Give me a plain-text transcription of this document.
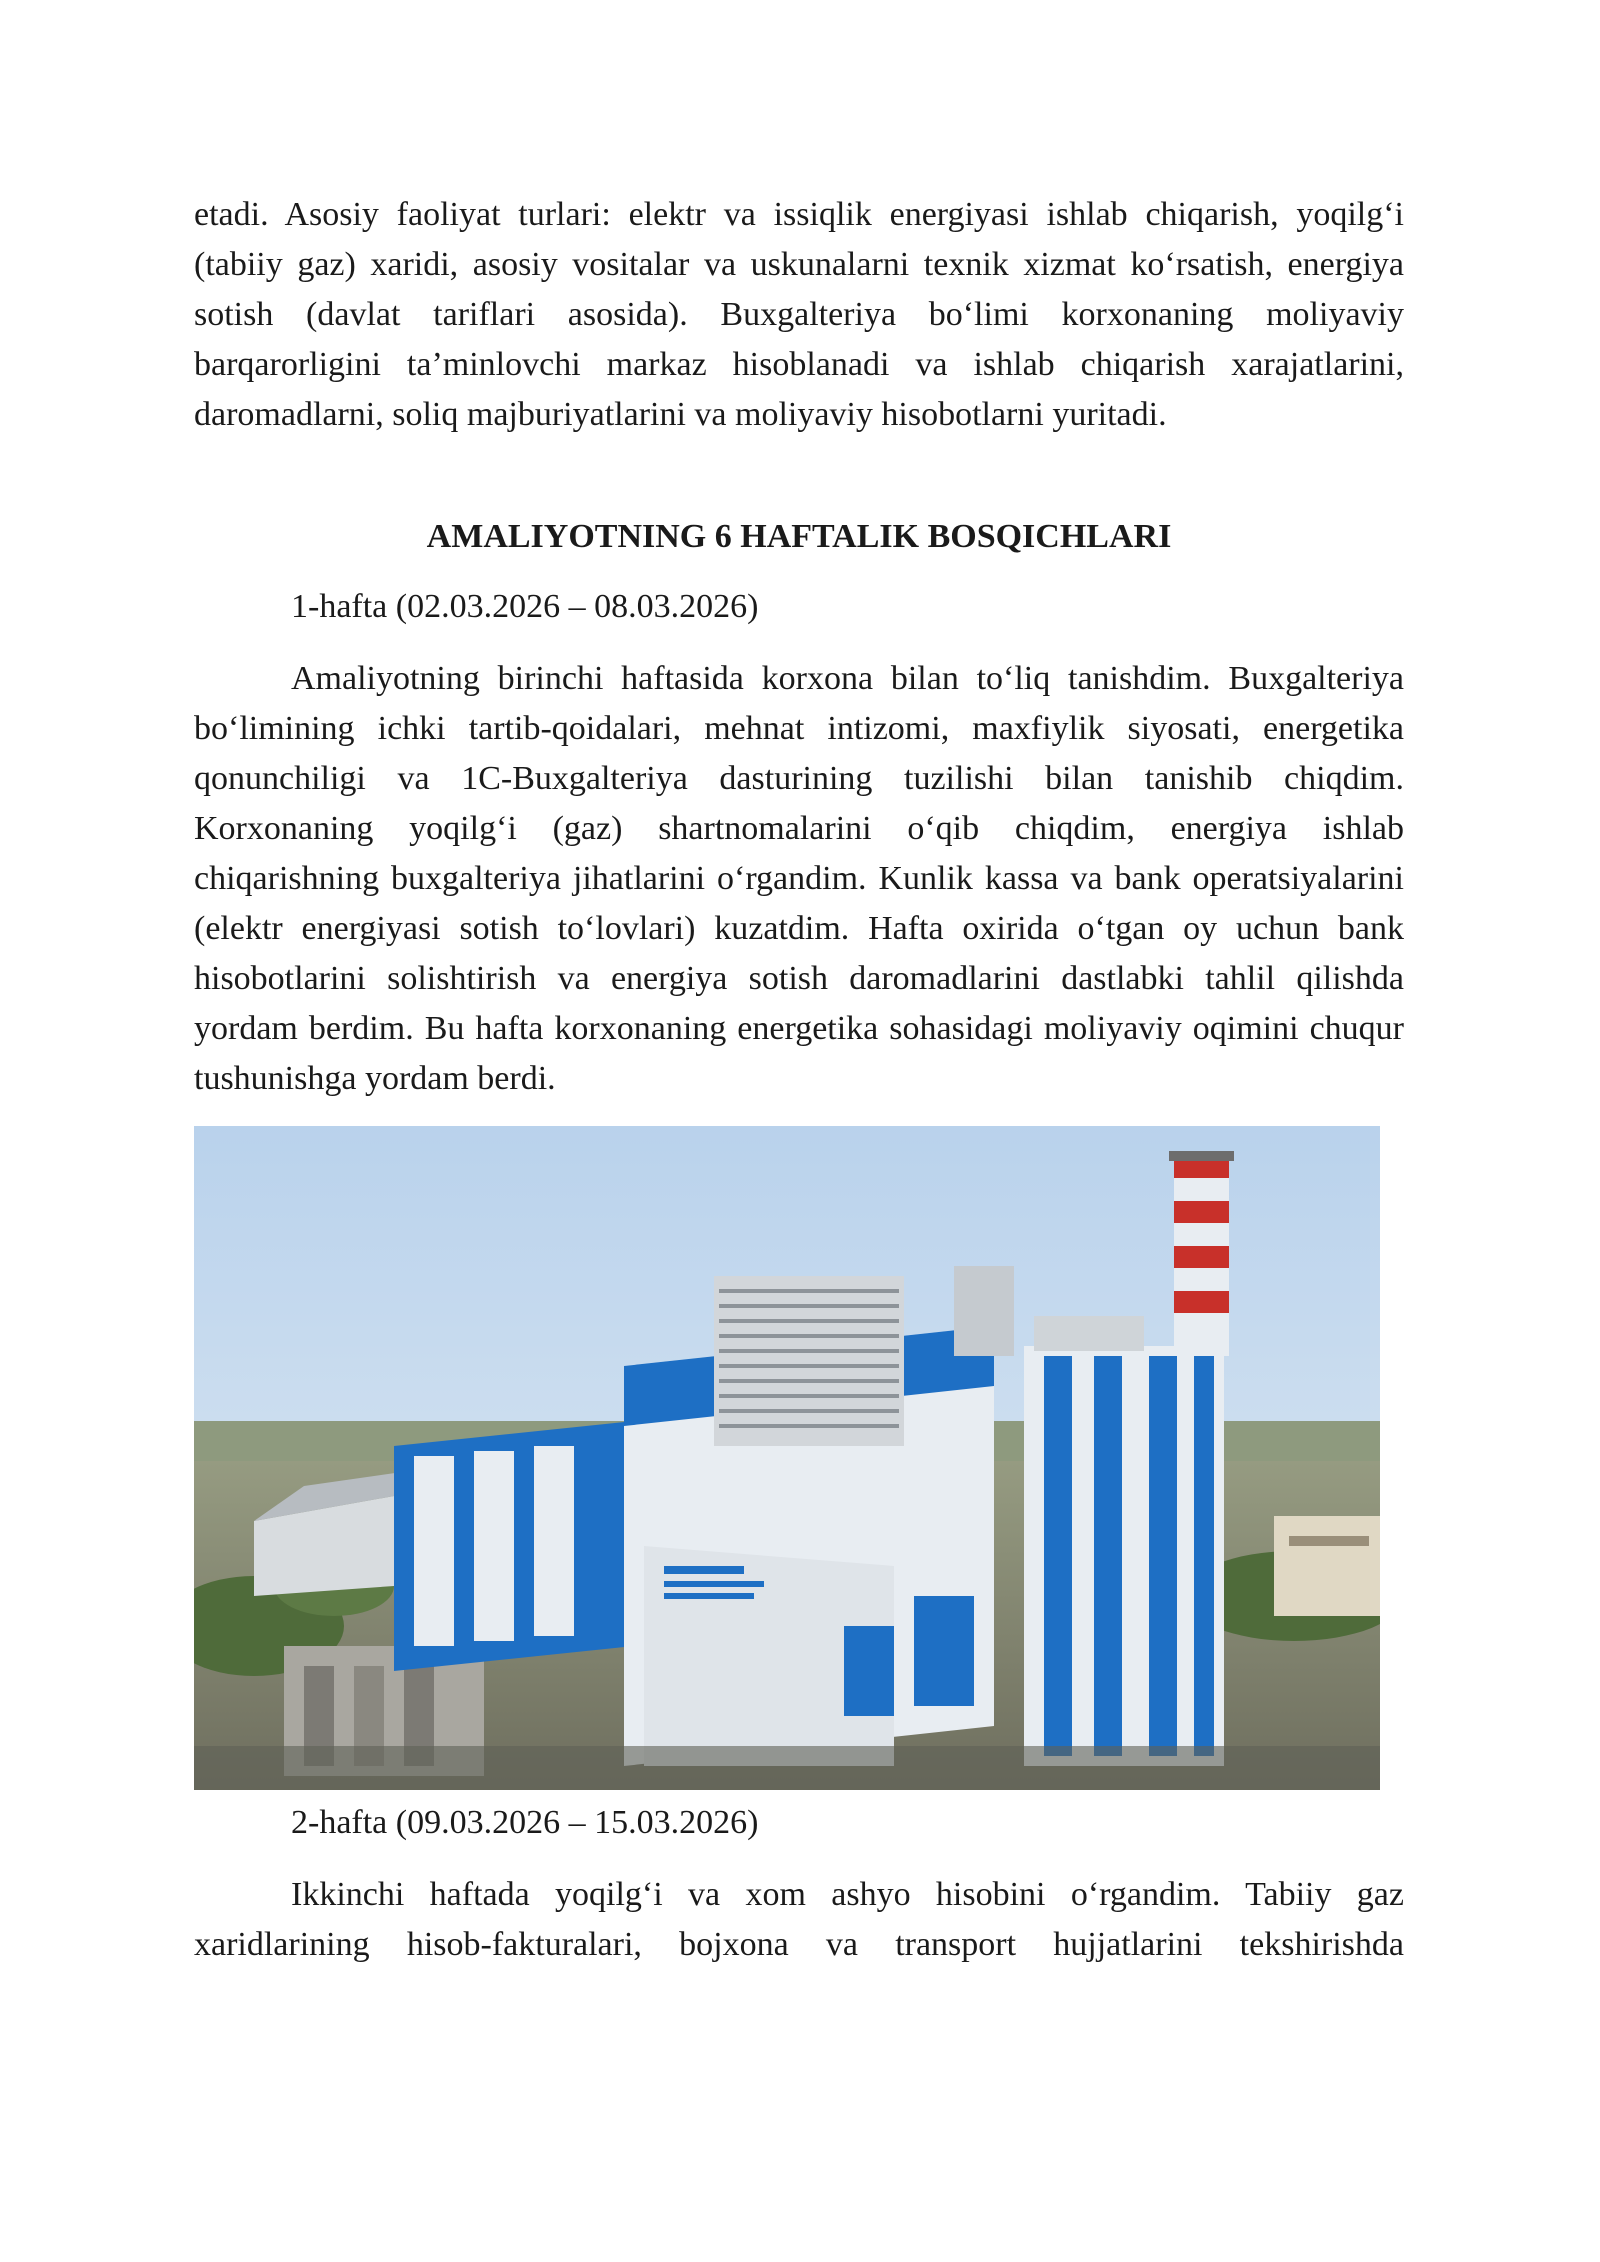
etadi. Asosiy faoliyat turlari: elektr va issiqlik energiyasi ishlab chiqarish, yoqilg‘i (tabiiy gaz) xaridi, asosiy vositalar va uskunalarni texnik xizmat ko‘rsatish, energiya sotish (davlat tariflari asosida). Buxgalteriya bo‘limi korxonaning moliyaviy barqarorligini ta’minlovchi markaz hisoblanadi va ishlab chiqarish xarajatlarini, daromadlarni, soliq majburiyatlarini va moliyaviy hisobotlarni yuritadi.

AMALIYOTNING 6 HAFTALIK BOSQICHLARI

1-hafta (02.03.2026 – 08.03.2026)

Amaliyotning birinchi haftasida korxona bilan to‘liq tanishdim. Buxgalteriya bo‘limining ichki tartib-qoidalari, mehnat intizomi, maxfiylik siyosati, energetika qonunchiligi va 1C-Buxgalteriya dasturining tuzilishi bilan tanishib chiqdim. Korxonaning yoqilg‘i (gaz) shartnomalarini o‘qib chiqdim, energiya ishlab chiqarishning buxgalteriya jihatlarini o‘rgandim. Kunlik kassa va bank operatsiyalarini (elektr energiyasi sotish to‘lovlari) kuzatdim. Hafta oxirida o‘tgan oy uchun bank hisobotlarini solishtirish va energiya sotish daromadlarini dastlabki tahlil qilishda yordam berdim. Bu hafta korxonaning energetika sohasidagi moliyaviy oqimini chuqur tushunishga yordam berdi.

2-hafta (09.03.2026 – 15.03.2026)

Ikkinchi haftada yoqilg‘i va xom ashyo hisobini o‘rgandim. Tabiiy gaz xaridlarining hisob-fakturalari, bojxona va transport hujjatlarini tekshirishda
